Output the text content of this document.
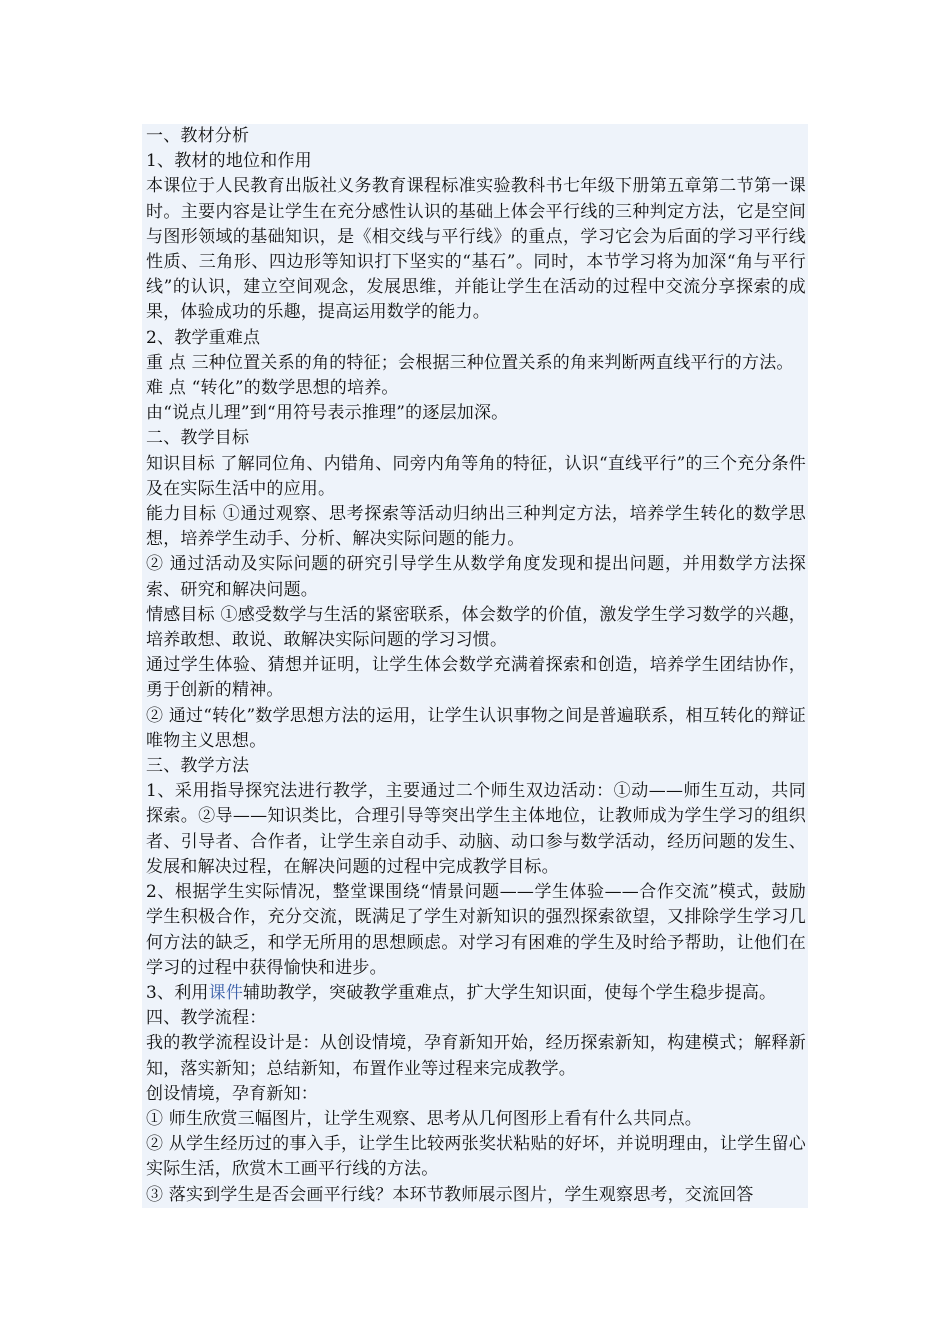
一、教材分析

1、教材的地位和作用

本课位于人民教育出版社义务教育课程标准实验教科书七年级下册第五章第二节第一课时。主要内容是让学生在充分感性认识的基础上体会平行线的三种判定方法，它是空间与图形领域的基础知识，是《相交线与平行线》的重点，学习它会为后面的学习平行线性质、三角形、四边形等知识打下坚实的“基石”。同时，本节学习将为加深“角与平行线”的认识，建立空间观念，发展思维，并能让学生在活动的过程中交流分享探索的成果，体验成功的乐趣，提高运用数学的能力。

2、教学重难点

重 点 三种位置关系的角的特征；会根据三种位置关系的角来判断两直线平行的方法。

难 点 “转化”的数学思想的培养。

由“说点儿理”到“用符号表示推理”的逐层加深。

二、教学目标

知识目标 了解同位角、内错角、同旁内角等角的特征，认识“直线平行”的三个充分条件及在实际生活中的应用。

能力目标 ①通过观察、思考探索等活动归纳出三种判定方法，培养学生转化的数学思想，培养学生动手、分析、解决实际问题的能力。

② 通过活动及实际问题的研究引导学生从数学角度发现和提出问题，并用数学方法探索、研究和解决问题。

情感目标 ①感受数学与生活的紧密联系，体会数学的价值，激发学生学习数学的兴趣，培养敢想、敢说、敢解决实际问题的学习习惯。

通过学生体验、猜想并证明，让学生体会数学充满着探索和创造，培养学生团结协作，勇于创新的精神。

② 通过“转化”数学思想方法的运用，让学生认识事物之间是普遍联系，相互转化的辩证唯物主义思想。

三、教学方法

1、采用指导探究法进行教学，主要通过二个师生双边活动：①动——师生互动，共同探索。②导——知识类比，合理引导等突出学生主体地位，让教师成为学生学习的组织者、引导者、合作者，让学生亲自动手、动脑、动口参与数学活动，经历问题的发生、发展和解决过程，在解决问题的过程中完成教学目标。

2、根据学生实际情况，整堂课围绕“情景问题——学生体验——合作交流”模式，鼓励学生积极合作，充分交流，既满足了学生对新知识的强烈探索欲望，又排除学生学习几何方法的缺乏，和学无所用的思想顾虑。对学习有困难的学生及时给予帮助，让他们在学习的过程中获得愉快和进步。

3、利用课件辅助教学，突破教学重难点，扩大学生知识面，使每个学生稳步提高。

四、教学流程：

我的教学流程设计是：从创设情境，孕育新知开始，经历探索新知，构建模式；解释新知，落实新知；总结新知，布置作业等过程来完成教学。

创设情境，孕育新知：

① 师生欣赏三幅图片，让学生观察、思考从几何图形上看有什么共同点。

② 从学生经历过的事入手，让学生比较两张奖状粘贴的好坏，并说明理由，让学生留心实际生活，欣赏木工画平行线的方法。

③ 落实到学生是否会画平行线？本环节教师展示图片，学生观察思考，交流回答
